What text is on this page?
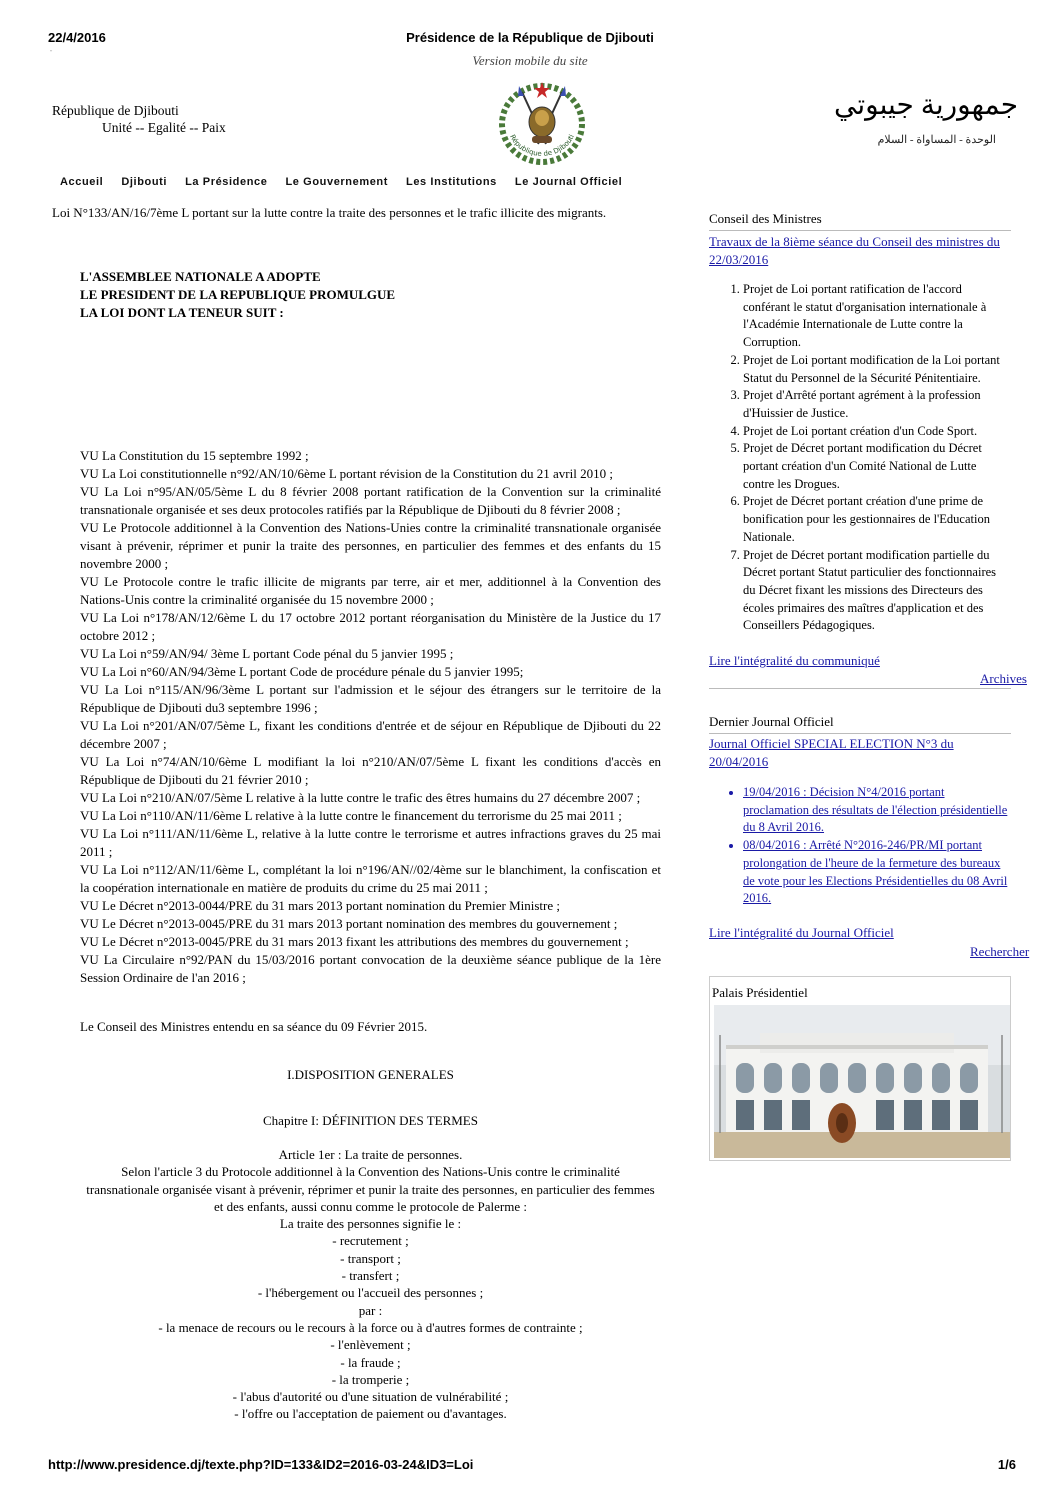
22/4/2016	Présidence de la République de Djibouti
"	Version mobile du site
République de Djibouti
Unité -- Egalité -- Paix
République de Djibouti
جمهورية جيبوتي
الوحدة - المساواة - السلام
Accueil Djibouti La Présidence Le Gouvernement Les Institutions Le Journal Officiel
Loi N°133/AN/16/7ème L portant sur la lutte contre la traite des personnes et le trafic illicite des migrants.
L'ASSEMBLEE NATIONALE A ADOPTE
LE PRESIDENT DE LA REPUBLIQUE PROMULGUE
LA LOI DONT LA TENEUR SUIT :

VU La Constitution du 15 septembre 1992 ;

VU La Loi constitutionnelle n°92/AN/10/6ème L portant révision de la Constitution du 21 avril 2010 ;

VU La Loi n°95/AN/05/5ème L du 8 février 2008 portant ratification de la Convention sur la criminalité transnationale organisée et ses deux protocoles ratifiés par la République de Djibouti du 8 février 2008 ;

VU Le Protocole additionnel à la Convention des Nations-Unies contre la criminalité transnationale organisée visant à prévenir, réprimer et punir la traite des personnes, en particulier des femmes et des enfants du 15 novembre 2000 ;

VU Le Protocole contre le trafic illicite de migrants par terre, air et mer, additionnel à la Convention des Nations-Unis contre la criminalité organisée du 15 novembre 2000 ;

VU La Loi n°178/AN/12/6ème L du 17 octobre 2012 portant réorganisation du Ministère de la Justice du 17 octobre 2012 ;

VU La Loi n°59/AN/94/ 3ème L portant Code pénal du 5 janvier 1995 ;

VU La Loi n°60/AN/94/3ème L portant Code de procédure pénale du 5 janvier 1995;

VU La Loi n°115/AN/96/3ème L portant sur l'admission et le séjour des étrangers sur le territoire de la République de Djibouti du3 septembre 1996 ;

VU La Loi n°201/AN/07/5ème L, fixant les conditions d'entrée et de séjour en République de Djibouti du 22 décembre 2007 ;

VU La Loi n°74/AN/10/6ème L modifiant la loi n°210/AN/07/5ème L fixant les conditions d'accès en République de Djibouti du 21 février 2010 ;

VU La Loi n°210/AN/07/5ème L relative à la lutte contre le trafic des êtres humains du 27 décembre 2007 ;

VU La Loi n°110/AN/11/6ème L relative à la lutte contre le financement du terrorisme du 25 mai 2011 ;

VU La Loi n°111/AN/11/6ème L, relative à la lutte contre le terrorisme et autres infractions graves du 25 mai 2011 ;

VU La Loi n°112/AN/11/6ème L, complétant la loi n°196/AN//02/4ème sur le blanchiment, la confiscation et la coopération internationale en matière de produits du crime du 25 mai 2011 ;

VU Le Décret n°2013-0044/PRE du 31 mars 2013 portant nomination du Premier Ministre ;

VU Le Décret n°2013-0045/PRE du 31 mars 2013 portant nomination des membres du gouvernement ;

VU Le Décret n°2013-0045/PRE du 31 mars 2013 fixant les attributions des membres du gouvernement ;

VU La Circulaire n°92/PAN du 15/03/2016 portant convocation de la deuxième séance publique de la 1ère Session Ordinaire de l'an 2016 ;

Le Conseil des Ministres entendu en sa séance du 09 Février 2015.
I.DISPOSITION GENERALES
Chapitre I: DÉFINITION DES TERMES
Article 1er : La traite de personnes.
Selon l'article 3 du Protocole additionnel à la Convention des Nations-Unis contre le criminalité
transnationale organisée visant à prévenir, réprimer et punir la traite des personnes, en particulier des femmes
et des enfants, aussi connu comme le protocole de Palerme :
La traite des personnes signifie le :
- recrutement ;
- transport ;
- transfert ;
- l'hébergement ou l'accueil des personnes ;
par :
- la menace de recours ou le recours à la force ou à d'autres formes de contrainte ;
- l'enlèvement ;
- la fraude ;
- la tromperie ;
- l'abus d'autorité ou d'une situation de vulnérabilité ;
- l'offre ou l'acceptation de paiement ou d'avantages.
Conseil des Ministres
Travaux de la 8ième séance du Conseil des ministres du
22/03/2016
1. Projet de Loi portant ratification de l'accord
conférant le statut d'organisation internationale à
l'Académie Internationale de Lutte contre la
Corruption.
2. Projet de Loi portant modification de la Loi portant
Statut du Personnel de la Sécurité Pénitentiaire.
3. Projet d'Arrêté portant agrément à la profession
d'Huissier de Justice.
4. Projet de Loi portant création d'un Code Sport.
5. Projet de Décret portant modification du Décret
portant création d'un Comité National de Lutte
contre les Drogues.
6. Projet de Décret portant création d'une prime de
bonification pour les gestionnaires de l'Education
Nationale.
7. Projet de Décret portant modification partielle du
Décret portant Statut particulier des fonctionnaires
du Décret fixant les missions des Directeurs des
écoles primaires des maîtres d'application et des
Conseillers Pédagogiques.
Lire l'intégralité du communiqué
Archives
Dernier Journal Officiel
Journal Officiel SPECIAL ELECTION N°3 du
20/04/2016
• 19/04/2016 : Décision N°4/2016 portant
proclamation des résultats de l'élection présidentielle
du 8 Avril 2016.
• 08/04/2016 : Arrêté N°2016-246/PR/MI portant
prolongation de l'heure de la fermeture des bureaux
de vote pour les Elections Présidentielles du 08 Avril
2016.
Lire l'intégralité du Journal Officiel
Rechercher
Palais Présidentiel
http://www.presidence.dj/texte.php?ID=133&ID2=2016-03-24&ID3=Loi	1/6
